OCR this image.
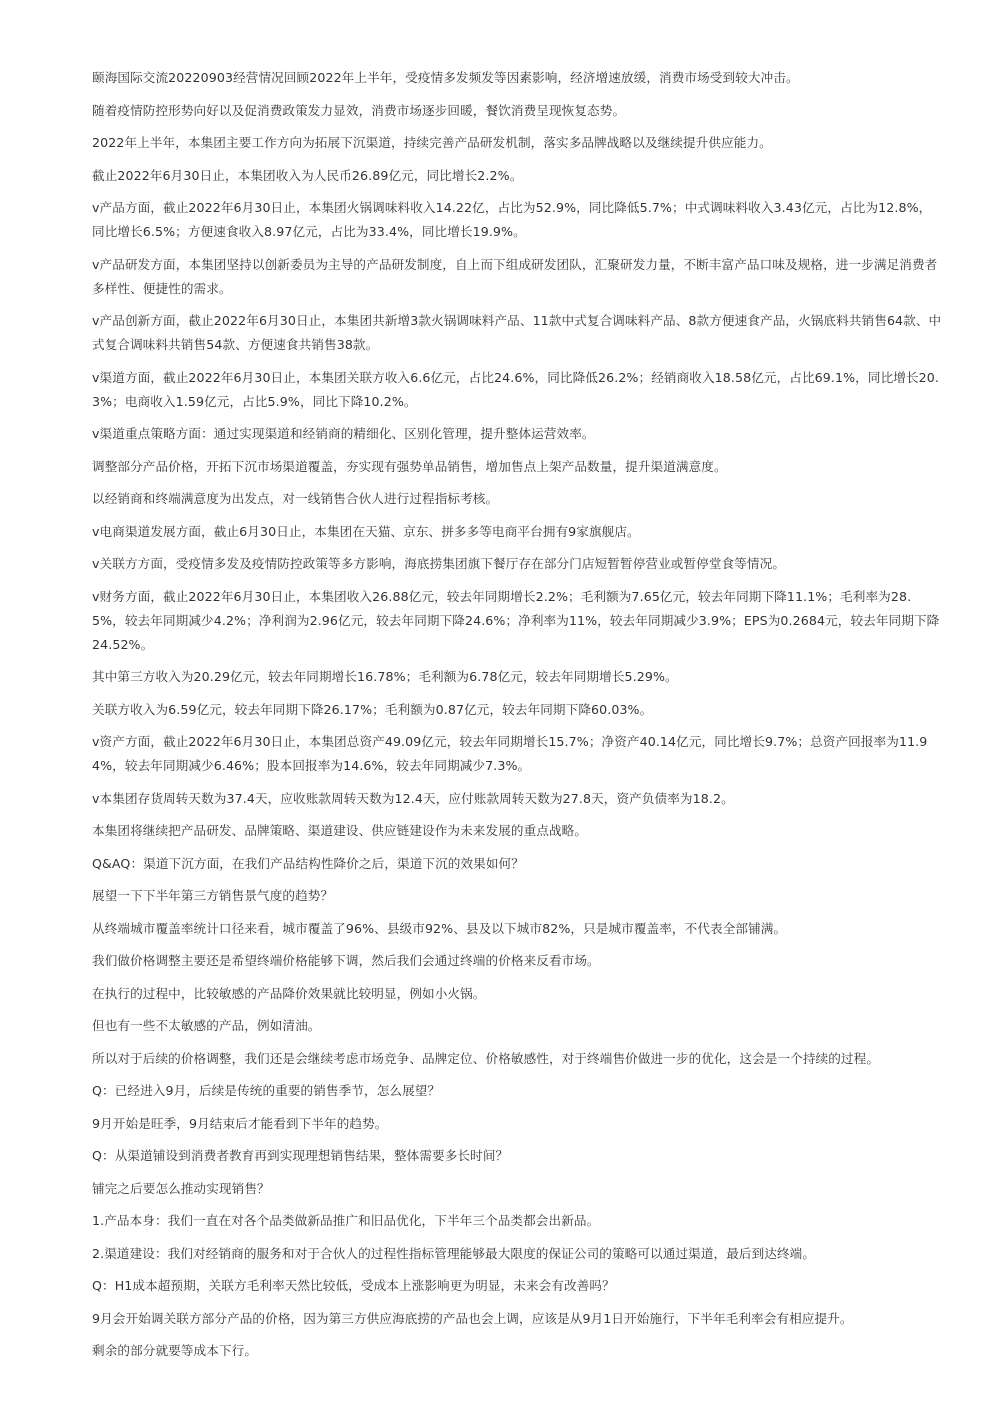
颐海国际交流20220903经营情况回顾2022年上半年，受疫情多发频发等因素影响，经济增速放缓，消费市场受到较大冲击。

随着疫情防控形势向好以及促消费政策发力显效，消费市场逐步回暖，餐饮消费呈现恢复态势。

2022年上半年，本集团主要工作方向为拓展下沉渠道，持续完善产品研发机制，落实多品牌战略以及继续提升供应能力。

截止2022年6月30日止，本集团收入为人民币26.89亿元，同比增长2.2%。

v产品方面，截止2022年6月30日止，本集团火锅调味料收入14.22亿，占比为52.9%，同比降低5.7%；中式调味料收入3.43亿元，占比为12.8%，同比增长6.5%；方便速食收入8.97亿元，占比为33.4%，同比增长19.9%。

v产品研发方面，本集团坚持以创新委员为主导的产品研发制度，自上而下组成研发团队，汇聚研发力量，不断丰富产品口味及规格，进一步满足消费者多样性、便捷性的需求。

v产品创新方面，截止2022年6月30日止，本集团共新增3款火锅调味料产品、11款中式复合调味料产品、8款方便速食产品，火锅底料共销售64款、中式复合调味料共销售54款、方便速食共销售38款。

v渠道方面，截止2022年6月30日止，本集团关联方收入6.6亿元，占比24.6%，同比降低26.2%；经销商收入18.58亿元，占比69.1%，同比增长20.3%；电商收入1.59亿元，占比5.9%，同比下降10.2%。

v渠道重点策略方面：通过实现渠道和经销商的精细化、区别化管理，提升整体运营效率。

调整部分产品价格，开拓下沉市场渠道覆盖，夯实现有强势单品销售，增加售点上架产品数量，提升渠道满意度。

以经销商和终端满意度为出发点，对一线销售合伙人进行过程指标考核。

v电商渠道发展方面，截止6月30日止，本集团在天猫、京东、拼多多等电商平台拥有9家旗舰店。

v关联方方面，受疫情多发及疫情防控政策等多方影响，海底捞集团旗下餐厅存在部分门店短暂暂停营业或暂停堂食等情况。

v财务方面，截止2022年6月30日止，本集团收入26.88亿元，较去年同期增长2.2%；毛利额为7.65亿元，较去年同期下降11.1%；毛利率为28.5%，较去年同期减少4.2%；净利润为2.96亿元，较去年同期下降24.6%；净利率为11%，较去年同期减少3.9%；EPS为0.2684元，较去年同期下降24.52%。

其中第三方收入为20.29亿元，较去年同期增长16.78%；毛利额为6.78亿元，较去年同期增长5.29%。

关联方收入为6.59亿元，较去年同期下降26.17%；毛利额为0.87亿元，较去年同期下降60.03%。

v资产方面，截止2022年6月30日止，本集团总资产49.09亿元，较去年同期增长15.7%；净资产40.14亿元，同比增长9.7%；总资产回报率为11.94%，较去年同期减少6.46%；股本回报率为14.6%，较去年同期减少7.3%。

v本集团存货周转天数为37.4天，应收账款周转天数为12.4天，应付账款周转天数为27.8天，资产负债率为18.2。

本集团将继续把产品研发、品牌策略、渠道建设、供应链建设作为未来发展的重点战略。

Q&AQ：渠道下沉方面，在我们产品结构性降价之后，渠道下沉的效果如何？

展望一下下半年第三方销售景气度的趋势？

从终端城市覆盖率统计口径来看，城市覆盖了96%、县级市92%、县及以下城市82%，只是城市覆盖率，不代表全部铺满。

我们做价格调整主要还是希望终端价格能够下调，然后我们会通过终端的价格来反看市场。

在执行的过程中，比较敏感的产品降价效果就比较明显，例如小火锅。

但也有一些不太敏感的产品，例如清油。

所以对于后续的价格调整，我们还是会继续考虑市场竞争、品牌定位、价格敏感性，对于终端售价做进一步的优化，这会是一个持续的过程。

Q：已经进入9月，后续是传统的重要的销售季节，怎么展望？

9月开始是旺季，9月结束后才能看到下半年的趋势。

Q：从渠道铺设到消费者教育再到实现理想销售结果，整体需要多长时间？

铺完之后要怎么推动实现销售？

1.产品本身：我们一直在对各个品类做新品推广和旧品优化，下半年三个品类都会出新品。

2.渠道建设：我们对经销商的服务和对于合伙人的过程性指标管理能够最大限度的保证公司的策略可以通过渠道，最后到达终端。

Q：H1成本超预期，关联方毛利率天然比较低，受成本上涨影响更为明显，未来会有改善吗？

9月会开始调关联方部分产品的价格，因为第三方供应海底捞的产品也会上调，应该是从9月1日开始施行，下半年毛利率会有相应提升。

剩余的部分就要等成本下行。
